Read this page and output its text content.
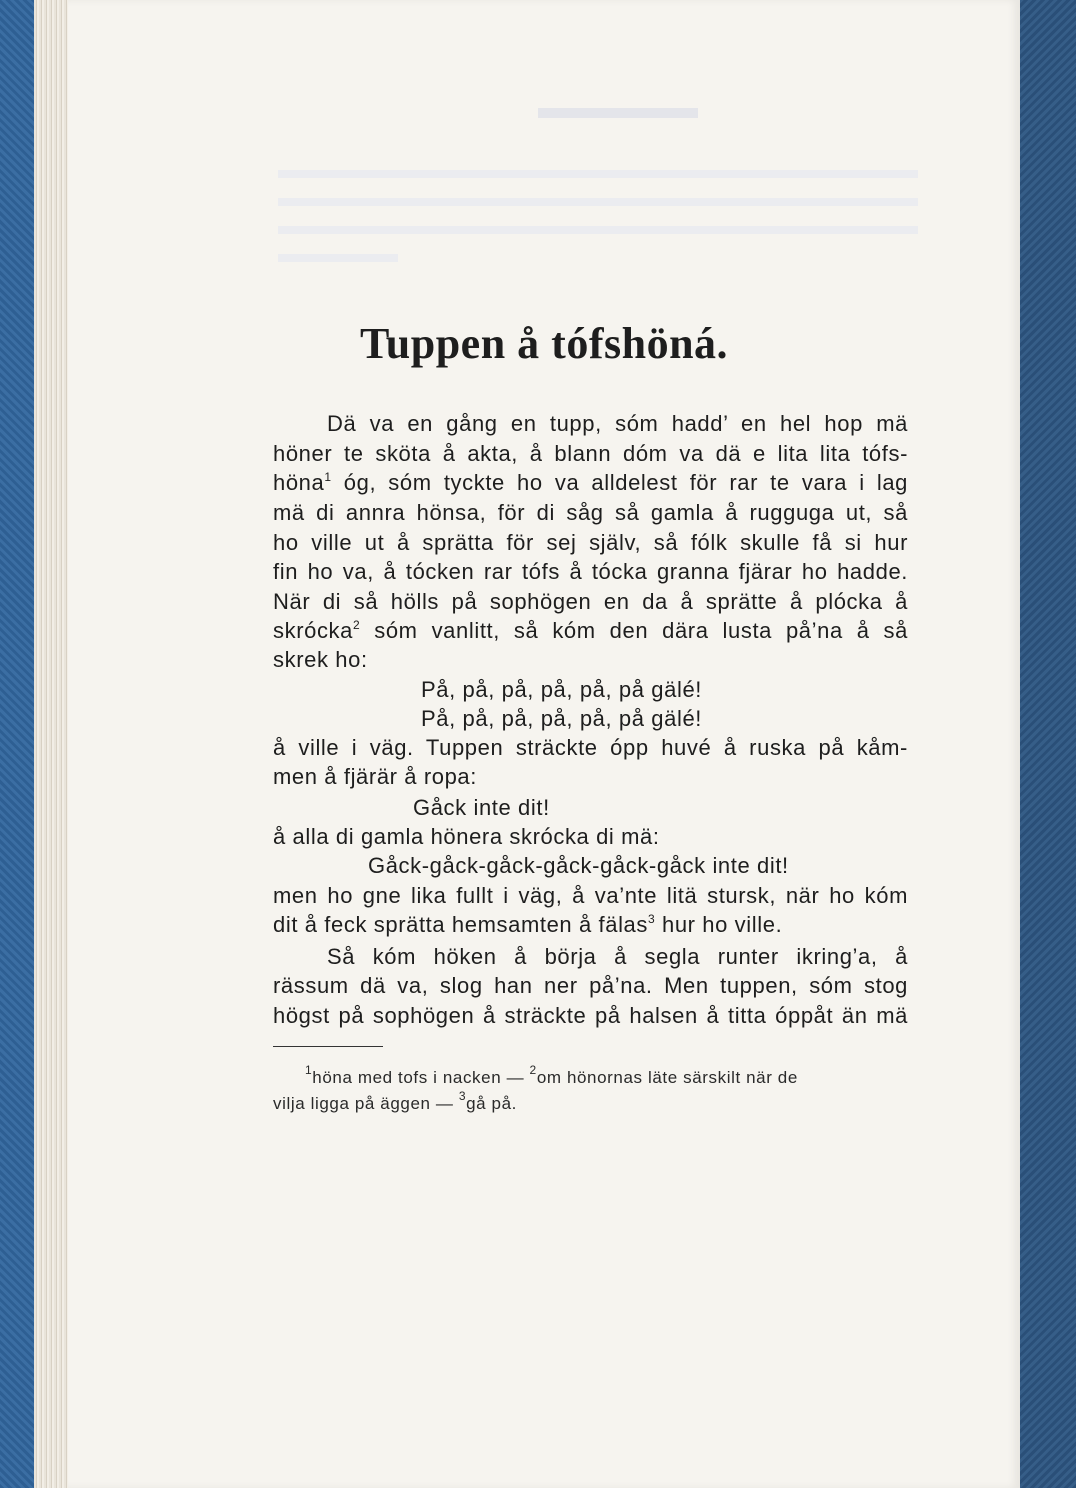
Tuppen å tófshöná.
Dä va en gång en tupp, sóm hadd’ en hel hop mä
höner te sköta å akta, å blann dóm va dä e lita lita tófs-
höna$^1$ óg, sóm tyckte ho va alldelest för rar te vara i lag
mä di annra hönsa, för di såg så gamla å rugguga ut, så
ho ville ut å sprätta för sej själv, så fólk skulle få si hur
fin ho va, å tócken rar tófs å tócka granna fjärar ho hadde.
När di så hölls på sophögen en da å sprätte å plócka å
skrócka$^2$ sóm vanlitt, så kóm den dära lusta på’na å så
skrek ho:
På, på, på, på, på, på gälé!
På, på, på, på, på, på gälé!
å ville i väg. Tuppen sträckte ópp huvé å ruska på kåm-
men å fjärär å ropa:
Gåck inte dit!
å alla di gamla hönera skrócka di mä:
Gåck-gåck-gåck-gåck-gåck-gåck inte dit!
men ho gne lika fullt i väg, å va’nte litä stursk, när ho kóm
dit å feck sprätta hemsamten å fälas$^3$ hur ho ville.
Så kóm höken å börja å segla runter ikring’a, å
rässum dä va, slog han ner på’na. Men tuppen, sóm stog
högst på sophögen å sträckte på halsen å titta óppåt än mä
$^1$höna med tofs i nacken — $^2$om hönornas läte särskilt när de
vilja ligga på äggen — $^3$gå på.
